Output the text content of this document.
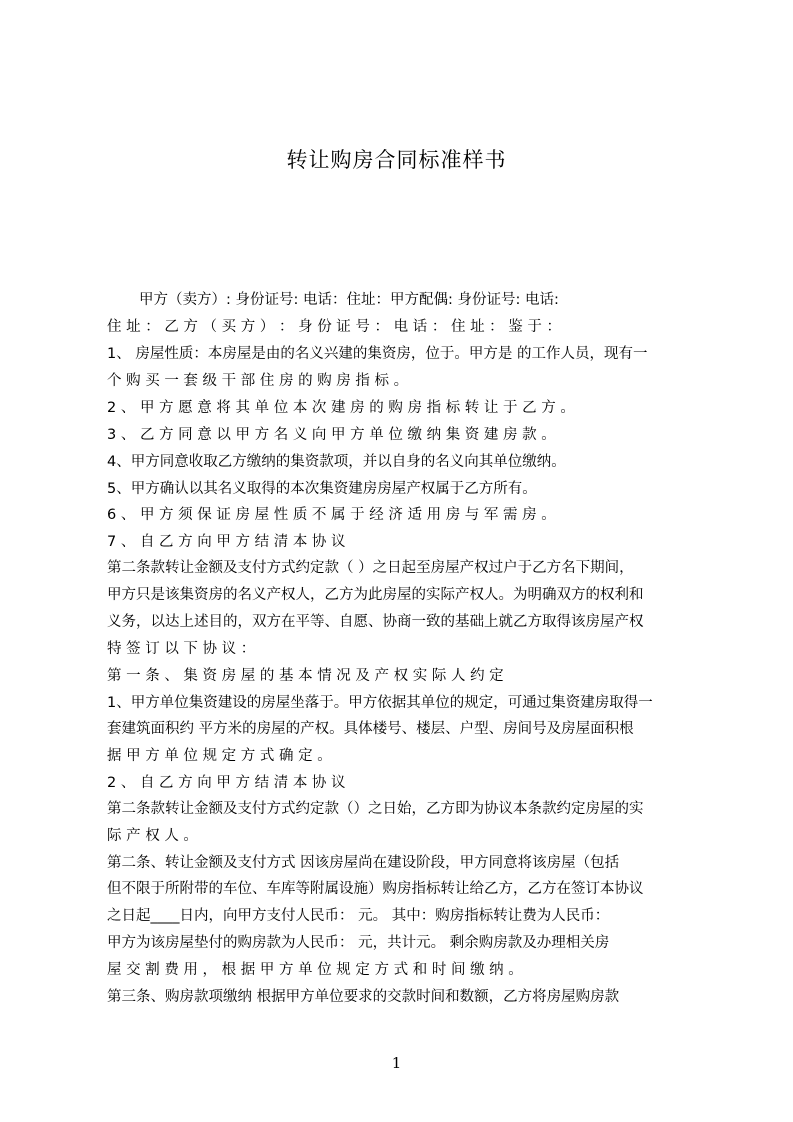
转让购房合同标准样书
甲方（卖方）: 身份证号: 电话：住址：甲方配偶: 身份证号: 电话:
住 址 ： 乙 方 （ 买 方 ） ： 身 份 证 号 ： 电 话 ： 住 址 ： 鉴 于 ：
1、 房屋性质：本房屋是由的名义兴建的集资房，位于。甲方是 的工作人员，现有一
个 购 买 一 套 级 干 部 住 房 的 购 房 指 标 。
2 、 甲 方 愿 意 将 其 单 位 本 次 建 房 的 购 房 指 标 转 让 于 乙 方 。
3 、 乙 方 同 意 以 甲 方 名 义 向 甲 方 单 位 缴 纳 集 资 建 房 款 。
4、甲方同意收取乙方缴纳的集资款项，并以自身的名义向其单位缴纳。
5、甲方确认以其名义取得的本次集资建房房屋产权属于乙方所有。
6 、 甲 方 须 保 证 房 屋 性 质 不 属 于 经 济 适 用 房 与 军 需 房 。
7 、 自 乙 方 向 甲 方 结 清 本 协 议
第二条款转让金额及支付方式约定款（ ）之日起至房屋产权过户于乙方名下期间，
甲方只是该集资房的名义产权人，乙方为此房屋的实际产权人。为明确双方的权利和
义务，以达上述目的，双方在平等、自愿、协商一致的基础上就乙方取得该房屋产权
特 签 订 以 下 协 议 ：
第 一 条 、 集 资 房 屋 的 基 本 情 况 及 产 权 实 际 人 约 定
1、甲方单位集资建设的房屋坐落于。甲方依据其单位的规定，可通过集资建房取得一
套建筑面积约 平方米的房屋的产权。具体楼号、楼层、户型、房间号及房屋面积根
据 甲 方 单 位 规 定 方 式 确 定 。
2 、 自 乙 方 向 甲 方 结 清 本 协 议
第二条款转让金额及支付方式约定款（）之日始，乙方即为协议本条款约定房屋的实
际 产 权 人 。
第二条、转让金额及支付方式 因该房屋尚在建设阶段，甲方同意将该房屋（包括
但不限于所附带的车位、车库等附属设施）购房指标转让给乙方，乙方在签订本协议
之日起____日内，向甲方支付人民币： 元。 其中：购房指标转让费为人民币：
甲方为该房屋垫付的购房款为人民币： 元，共计元。 剩余购房款及办理相关房
屋 交 割 费 用 ， 根 据 甲 方 单 位 规 定 方 式 和 时 间 缴 纳 。
第三条、购房款项缴纳 根据甲方单位要求的交款时间和数额，乙方将房屋购房款
1
